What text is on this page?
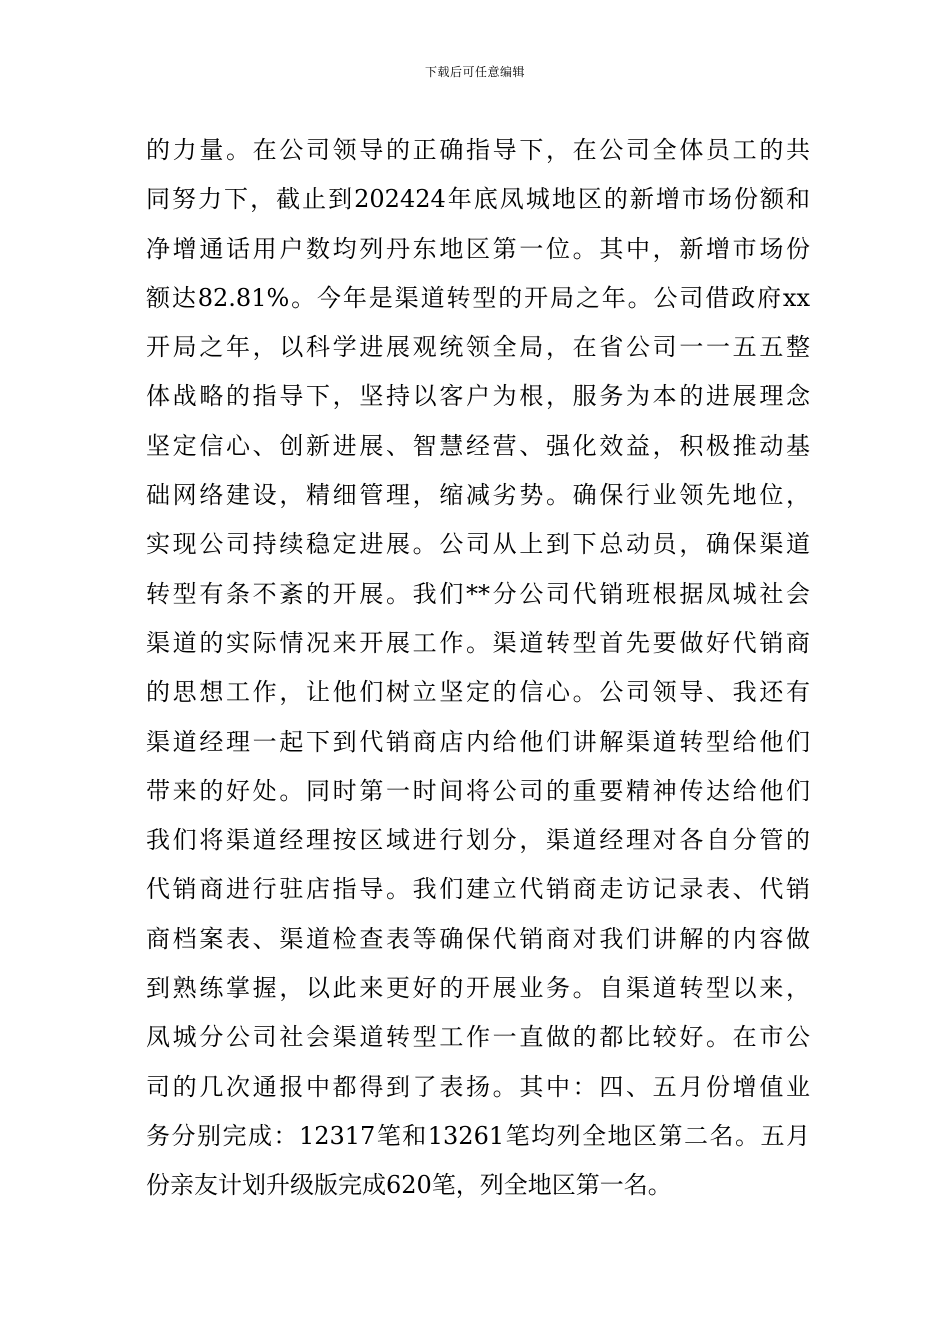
下载后可任意编辑
的力量。在公司领导的正确指导下，在公司全体员工的共
同努力下，截止到202424年底凤城地区的新增市场份额和
净增通话用户数均列丹东地区第一位。其中，新增市场份
额达82.81%。今年是渠道转型的开局之年。公司借政府xx
开局之年，以科学进展观统领全局，在省公司一一五五整
体战略的指导下，坚持以客户为根，服务为本的进展理念
坚定信心、创新进展、智慧经营、强化效益，积极推动基
础网络建设，精细管理，缩减劣势。确保行业领先地位，
实现公司持续稳定进展。公司从上到下总动员，确保渠道
转型有条不紊的开展。我们**分公司代销班根据凤城社会
渠道的实际情况来开展工作。渠道转型首先要做好代销商
的思想工作，让他们树立坚定的信心。公司领导、我还有
渠道经理一起下到代销商店内给他们讲解渠道转型给他们
带来的好处。同时第一时间将公司的重要精神传达给他们
我们将渠道经理按区域进行划分，渠道经理对各自分管的
代销商进行驻店指导。我们建立代销商走访记录表、代销
商档案表、渠道检查表等确保代销商对我们讲解的内容做
到熟练掌握，以此来更好的开展业务。自渠道转型以来，
凤城分公司社会渠道转型工作一直做的都比较好。在市公
司的几次通报中都得到了表扬。其中：四、五月份增值业
务分别完成：12317笔和13261笔均列全地区第二名。五月
份亲友计划升级版完成620笔，列全地区第一名。
